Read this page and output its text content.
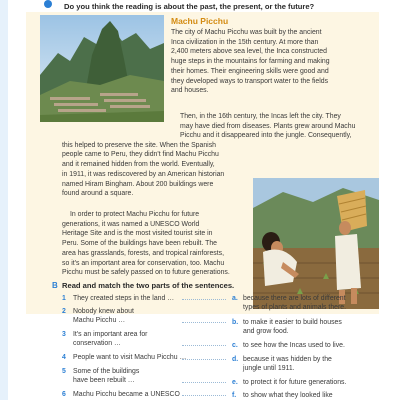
Do you think the reading is about the past, the present, or the future?
Machu Picchu

The city of Machu Picchu was built by the ancient

Inca civilization in the 15th century. At more than

2,400 meters above sea level, the Inca constructed

huge steps in the mountains for farming and making

their homes. Their engineering skills were good and

they developed ways to transport water to the fields

and houses.

Then, in the 16th century, the Incas left the city. They

may have died from diseases. Plants grew around Machu

Picchu and it disappeared into the jungle. Consequently,

this helped to preserve the site. When the Spanish

people came to Peru, they didn't find Machu Picchu

and it remained hidden from the world. Eventually,

in 1911, it was rediscovered by an American historian

named Hiram Bingham. About 200 buildings were

found around a square.

In order to protect Machu Picchu for future

generations, it was named a UNESCO World

Heritage Site and is the most visited tourist site in

Peru. Some of the buildings have been rebuilt. The

area has grasslands, forests, and tropical rainforests,

so it's an important area for conservation, too. Machu

Picchu must be safely passed on to future generations.

B Read and match the two parts of the sentences.
1 They created steps in the land …

2 Nobody knew about

Machu Picchu …

3 It's an important area for

conservation …

4 People want to visit Machu Picchu …

5 Some of the buildings

have been rebuilt …

6 Machu Picchu became a UNESCO

a. because there are lots of different

types of plants and animals there.

b. to make it easier to build houses

and grow food.

c. to see how the Incas used to live.

d. because it was hidden by the

jungle until 1911.

e. to protect it for future generations.

f. to show what they looked like
